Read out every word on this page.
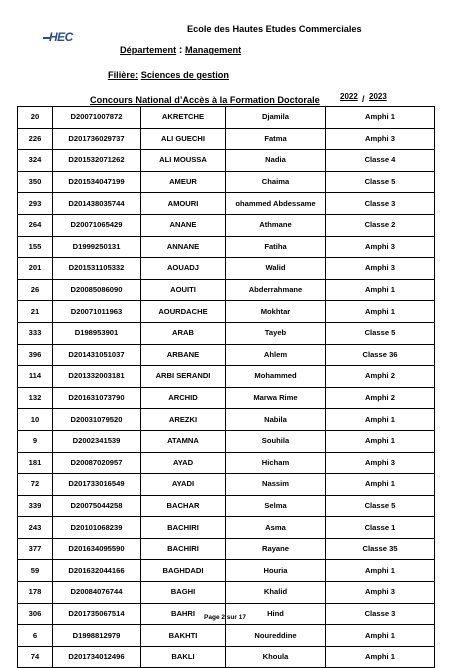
HEC
Ecole des Hautes Etudes Commerciales
Département : Management
Filière: Sciences de gestion
Concours National d’Accès à la Formation Doctorale	2022 / 2023
20	D20071007872	AKRETCHE	Djamila	Amphi 1
226	D201736029737	ALI GUECHI	Fatma	Amphi 3
324	D201532071262	ALI MOUSSA	Nadia	Classe 4
350	D201534047199	AMEUR	Chaima	Classe 5
293	D201438035744	AMOURI	ohammed Abdessame	Classe 3
264	D20071065429	ANANE	Athmane	Classe 2
155	D1999250131	ANNANE	Fatiha	Amphi 3
201	D201531105332	AOUADJ	Walid	Amphi 3
26	D20085086090	AOUITI	Abderrahmane	Amphi 1
21	D20071011963	AOURDACHE	Mokhtar	Amphi 1
333	D198953901	ARAB	Tayeb	Classe 5
396	D201431051037	ARBANE	Ahlem	Classe 36
114	D201332003181	ARBI SERANDI	Mohammed	Amphi 2
132	D201631073790	ARCHID	Marwa Rime	Amphi 2
10	D20031079520	AREZKI	Nabila	Amphi 1
9	D2002341539	ATAMNA	Souhila	Amphi 1
181	D20087020957	AYAD	Hicham	Amphi 3
72	D201733016549	AYADI	Nassim	Amphi 1
339	D20075044258	BACHAR	Selma	Classe 5
243	D20101068239	BACHIRI	Asma	Classe 1
377	D201634095590	BACHIRI	Rayane	Classe 35
59	D201632044166	BAGHDADI	Houria	Amphi 1
178	D20084076744	BAGHI	Khalid	Amphi 3
306	D201735067514	BAHRI	Hind	Classe 3
6	D1998812979	BAKHTI	Noureddine	Amphi 1
74	D201734012496	BAKLI	Khoula	Amphi 1
Page 2 sur 17
